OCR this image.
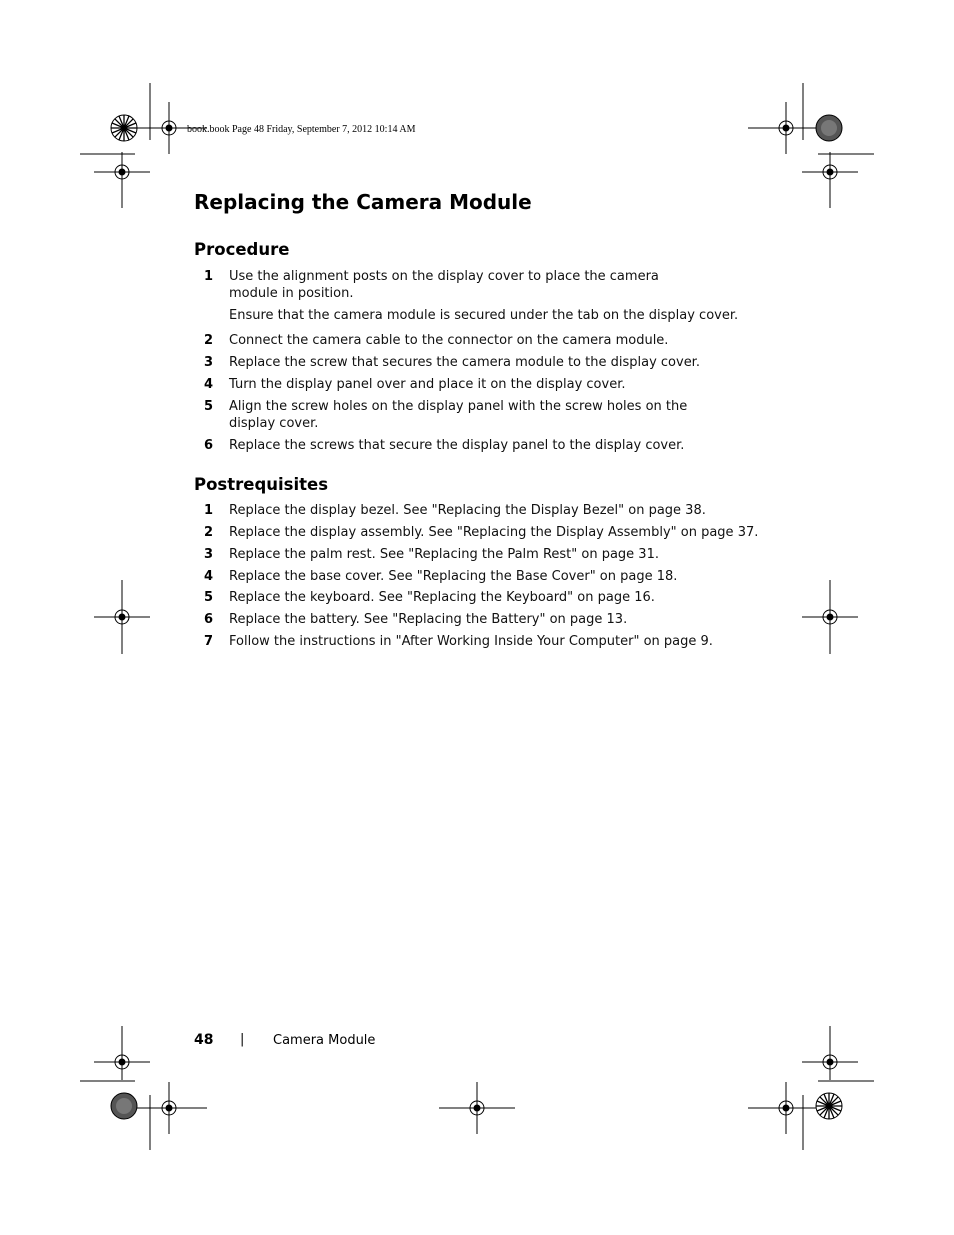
book.book Page 48 Friday, September 7, 2012 10:14 AM
Replacing the Camera Module
Procedure
1 Use the alignment posts on the display cover to place the camera module in position.
Ensure that the camera module is secured under the tab on the display cover.
2 Connect the camera cable to the connector on the camera module.
3 Replace the screw that secures the camera module to the display cover.
4 Turn the display panel over and place it on the display cover.
5 Align the screw holes on the display panel with the screw holes on the display cover.
6 Replace the screws that secure the display panel to the display cover.
Postrequisites
1 Replace the display bezel. See "Replacing the Display Bezel" on page 38.
2 Replace the display assembly. See "Replacing the Display Assembly" on page 37.
3 Replace the palm rest. See "Replacing the Palm Rest" on page 31.
4 Replace the base cover. See "Replacing the Base Cover" on page 18.
5 Replace the keyboard. See "Replacing the Keyboard" on page 16.
6 Replace the battery. See "Replacing the Battery" on page 13.
7 Follow the instructions in "After Working Inside Your Computer" on page 9.
48 | Camera Module
